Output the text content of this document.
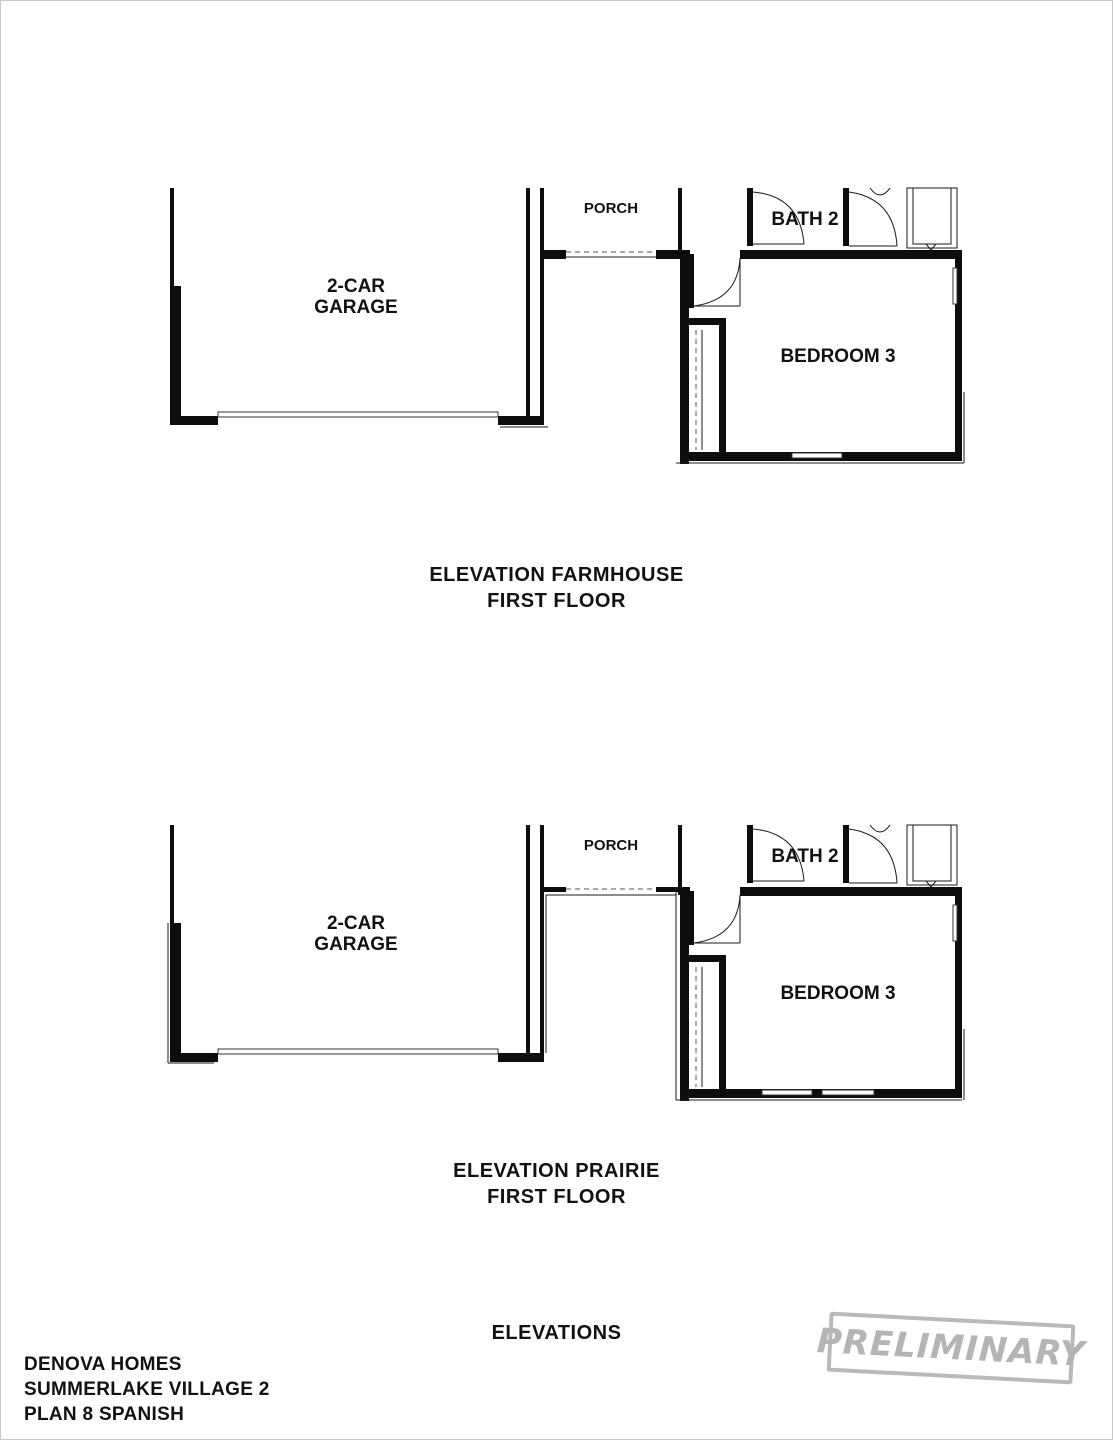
PORCH
BATH 2
2-CAR
GARAGE
BEDROOM 3
ELEVATION FARMHOUSE
FIRST FLOOR
PORCH
BATH 2
2-CAR
GARAGE
BEDROOM 3
ELEVATION PRAIRIE
FIRST FLOOR
ELEVATIONS
DENOVA HOMES
SUMMERLAKE VILLAGE 2
PLAN 8 SPANISH
PRELIMINARY
